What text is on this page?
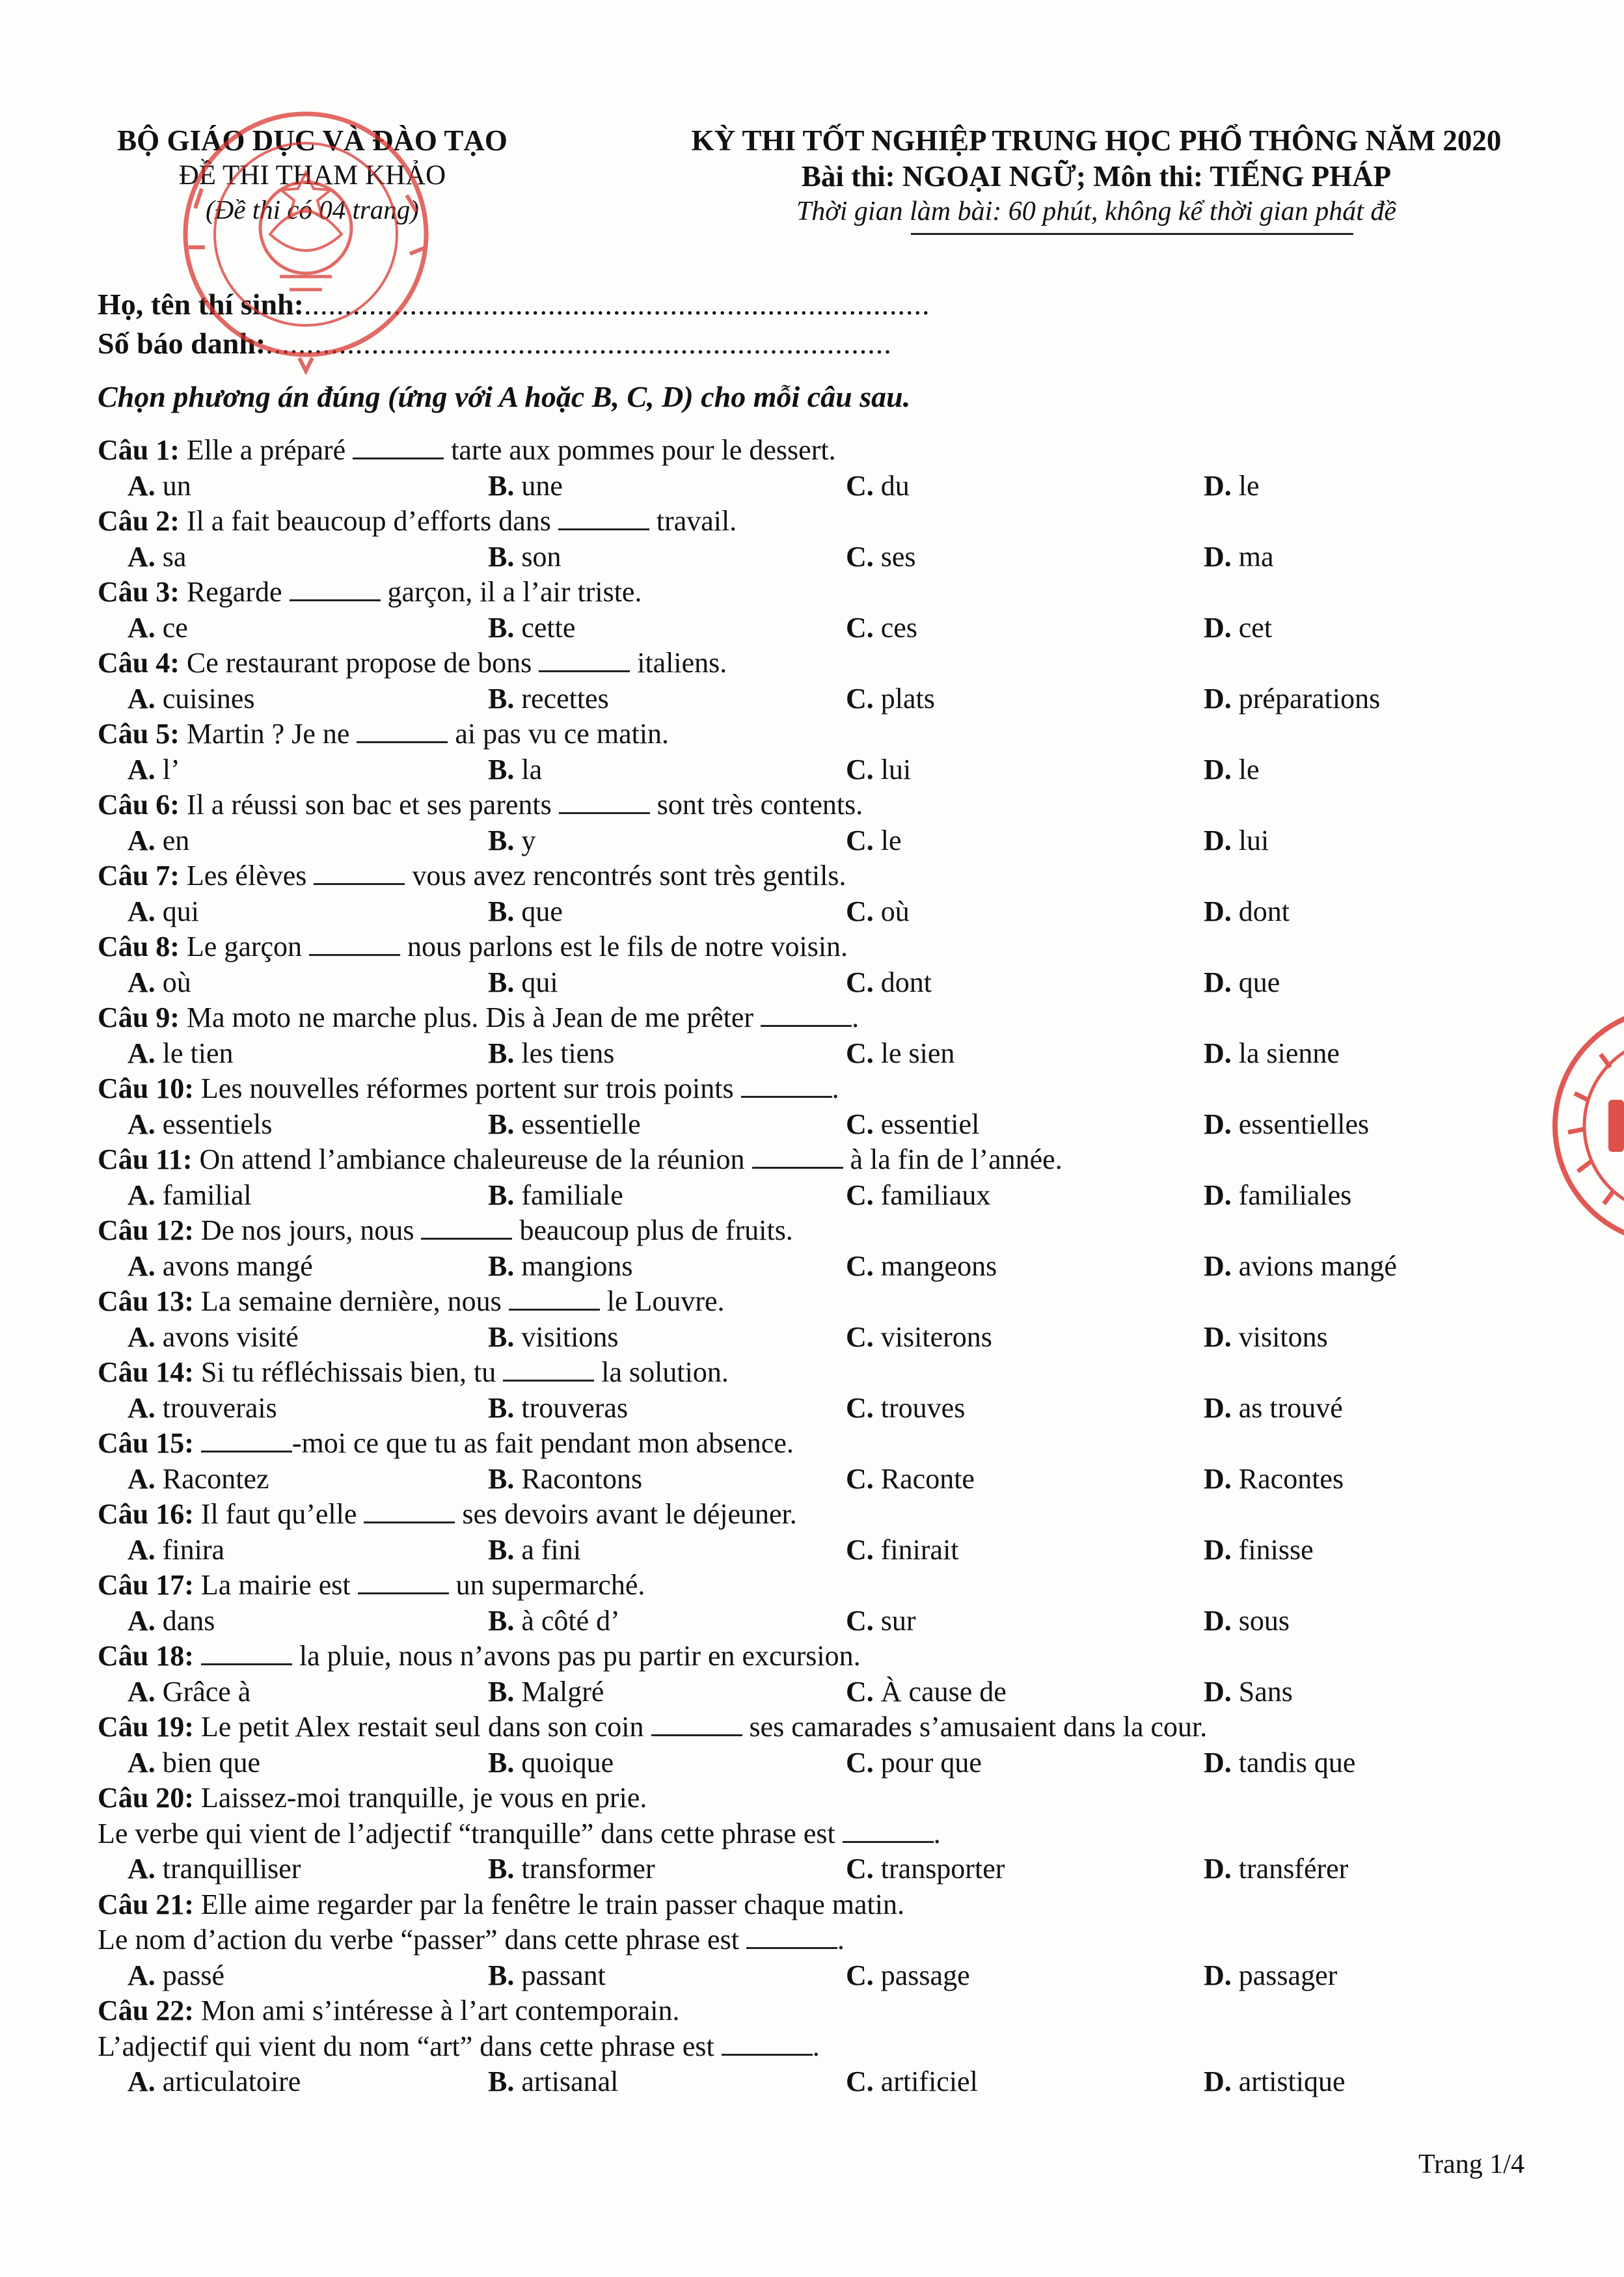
BỘ GIÁO DỤC VÀ ĐÀO TẠO
ĐỀ THI THAM KHẢO
(Đề thi có 04 trang)
KỲ THI TỐT NGHIỆP TRUNG HỌC PHỔ THÔNG NĂM 2020
Bài thi: NGOẠI NGỮ; Môn thi: TIẾNG PHÁP
Thời gian làm bài: 60 phút, không kể thời gian phát đề
Họ, tên thí sinh:.............................................................................
Số báo danh:.............................................................................
Chọn phương án đúng (ứng với A hoặc B, C, D) cho mỗi câu sau.
Câu 1: Elle a préparé	tarte aux pommes pour le dessert.
A. un	B. une	C. du	D. le
Câu 2: Il a fait beaucoup d’efforts dans	travail.
A. sa	B. son	C. ses	D. ma
Câu 3: Regarde	garçon, il a l’air triste.
A. ce	B. cette	C. ces	D. cet
Câu 4: Ce restaurant propose de bons	italiens.
A. cuisines	B. recettes	C. plats	D. préparations
Câu 5: Martin ? Je ne	ai pas vu ce matin.
A. l’	B. la	C. lui	D. le
Câu 6: Il a réussi son bac et ses parents	sont très contents.
A. en	B. y	C. le	D. lui
Câu 7: Les élèves	vous avez rencontrés sont très gentils.
A. qui	B. que	C. où	D. dont
Câu 8: Le garçon	nous parlons est le fils de notre voisin.
A. où	B. qui	C. dont	D. que
Câu 9: Ma moto ne marche plus. Dis à Jean de me prêter	.
A. le tien	B. les tiens	C. le sien	D. la sienne
Câu 10: Les nouvelles réformes portent sur trois points	.
A. essentiels	B. essentielle	C. essentiel	D. essentielles
Câu 11: On attend l’ambiance chaleureuse de la réunion	à la fin de l’année.
A. familial	B. familiale	C. familiaux	D. familiales
Câu 12: De nos jours, nous	beaucoup plus de fruits.
A. avons mangé	B. mangions	C. mangeons	D. avions mangé
Câu 13: La semaine dernière, nous	le Louvre.
A. avons visité	B. visitions	C. visiterons	D. visitons
Câu 14: Si tu réfléchissais bien, tu	la solution.
A. trouverais	B. trouveras	C. trouves	D. as trouvé
Câu 15:	-moi ce que tu as fait pendant mon absence.
A. Racontez	B. Racontons	C. Raconte	D. Racontes
Câu 16: Il faut qu’elle	ses devoirs avant le déjeuner.
A. finira	B. a fini	C. finirait	D. finisse
Câu 17: La mairie est	un supermarché.
A. dans	B. à côté d’	C. sur	D. sous
Câu 18:	la pluie, nous n’avons pas pu partir en excursion.
A. Grâce à	B. Malgré	C. À cause de	D. Sans
Câu 19: Le petit Alex restait seul dans son coin	ses camarades s’amusaient dans la cour.
A. bien que	B. quoique	C. pour que	D. tandis que
Câu 20: Laissez-moi tranquille, je vous en prie.
Le verbe qui vient de l’adjectif “tranquille” dans cette phrase est	.
A. tranquilliser	B. transformer	C. transporter	D. transférer
Câu 21: Elle aime regarder par la fenêtre le train passer chaque matin.
Le nom d’action du verbe “passer” dans cette phrase est	.
A. passé	B. passant	C. passage	D. passager
Câu 22: Mon ami s’intéresse à l’art contemporain.
L’adjectif qui vient du nom “art” dans cette phrase est	.
A. articulatoire	B. artisanal	C. artificiel	D. artistique
Trang 1/4
